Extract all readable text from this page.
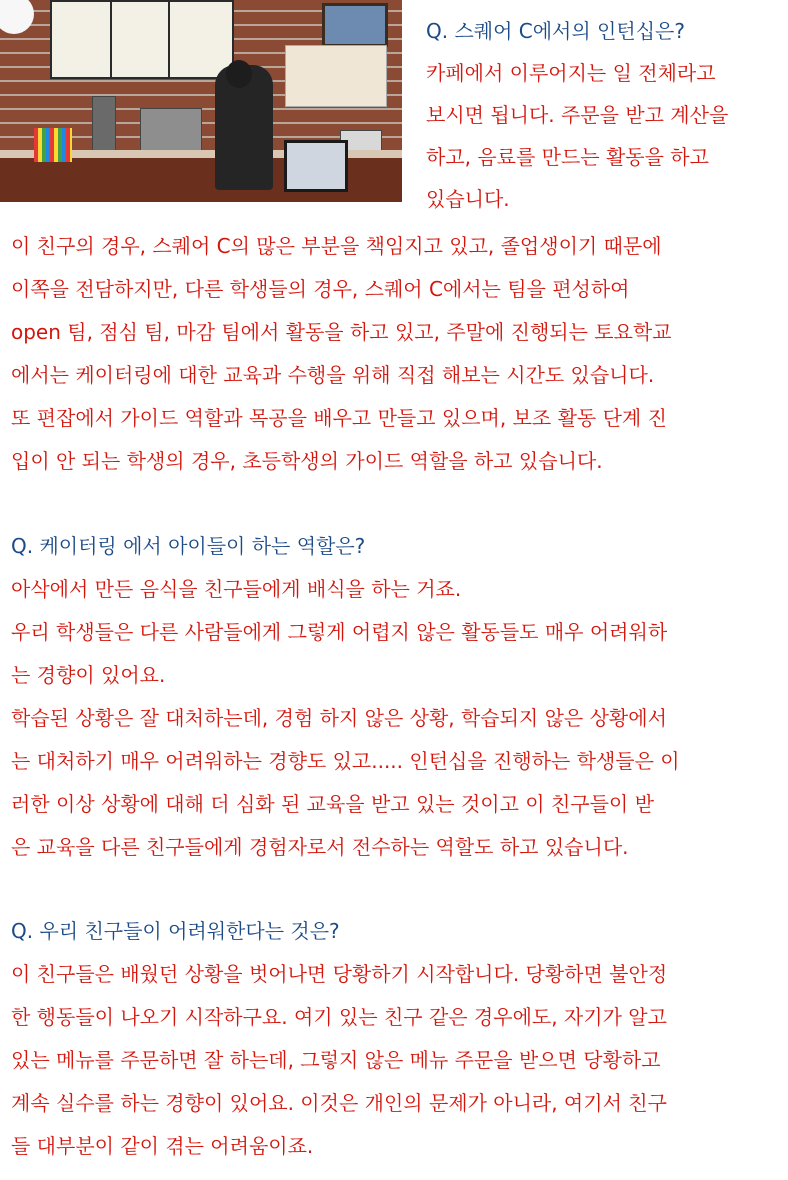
Q. 스퀘어 C에서의 인턴십은?
카페에서 이루어지는 일 전체라고
보시면 됩니다. 주문을 받고 계산을
하고, 음료를 만드는 활동을 하고
있습니다.
이 친구의 경우, 스퀘어 C의 많은 부분을 책임지고 있고, 졸업생이기 때문에
이쪽을 전담하지만, 다른 학생들의 경우, 스퀘어 C에서는 팀을 편성하여
open 팀, 점심 팀, 마감 팀에서 활동을 하고 있고, 주말에 진행되는 토요학교
에서는 케이터링에 대한 교육과 수행을 위해 직접 해보는 시간도 있습니다.
또 편잡에서 가이드 역할과 목공을 배우고 만들고 있으며, 보조 활동 단계 진
입이 안 되는 학생의 경우, 초등학생의 가이드 역할을 하고 있습니다.
Q. 케이터링 에서 아이들이 하는 역할은?
아삭에서 만든 음식을 친구들에게 배식을 하는 거죠.
우리 학생들은 다른 사람들에게 그렇게 어렵지 않은 활동들도 매우 어려워하
는 경향이 있어요.
학습된 상황은 잘 대처하는데, 경험 하지 않은 상황, 학습되지 않은 상황에서
는 대처하기 매우 어려워하는 경향도 있고..... 인턴십을 진행하는 학생들은 이
러한 이상 상황에 대해 더 심화 된 교육을 받고 있는 것이고 이 친구들이 받
은 교육을 다른 친구들에게 경험자로서 전수하는 역할도 하고 있습니다.
Q. 우리 친구들이 어려워한다는 것은?
이 친구들은 배웠던 상황을 벗어나면 당황하기 시작합니다. 당황하면 불안정
한 행동들이 나오기 시작하구요. 여기 있는 친구 같은 경우에도, 자기가 알고
있는 메뉴를 주문하면 잘 하는데, 그렇지 않은 메뉴 주문을 받으면 당황하고
계속 실수를 하는 경향이 있어요. 이것은 개인의 문제가 아니라, 여기서 친구
들 대부분이 같이 겪는 어려움이죠.
